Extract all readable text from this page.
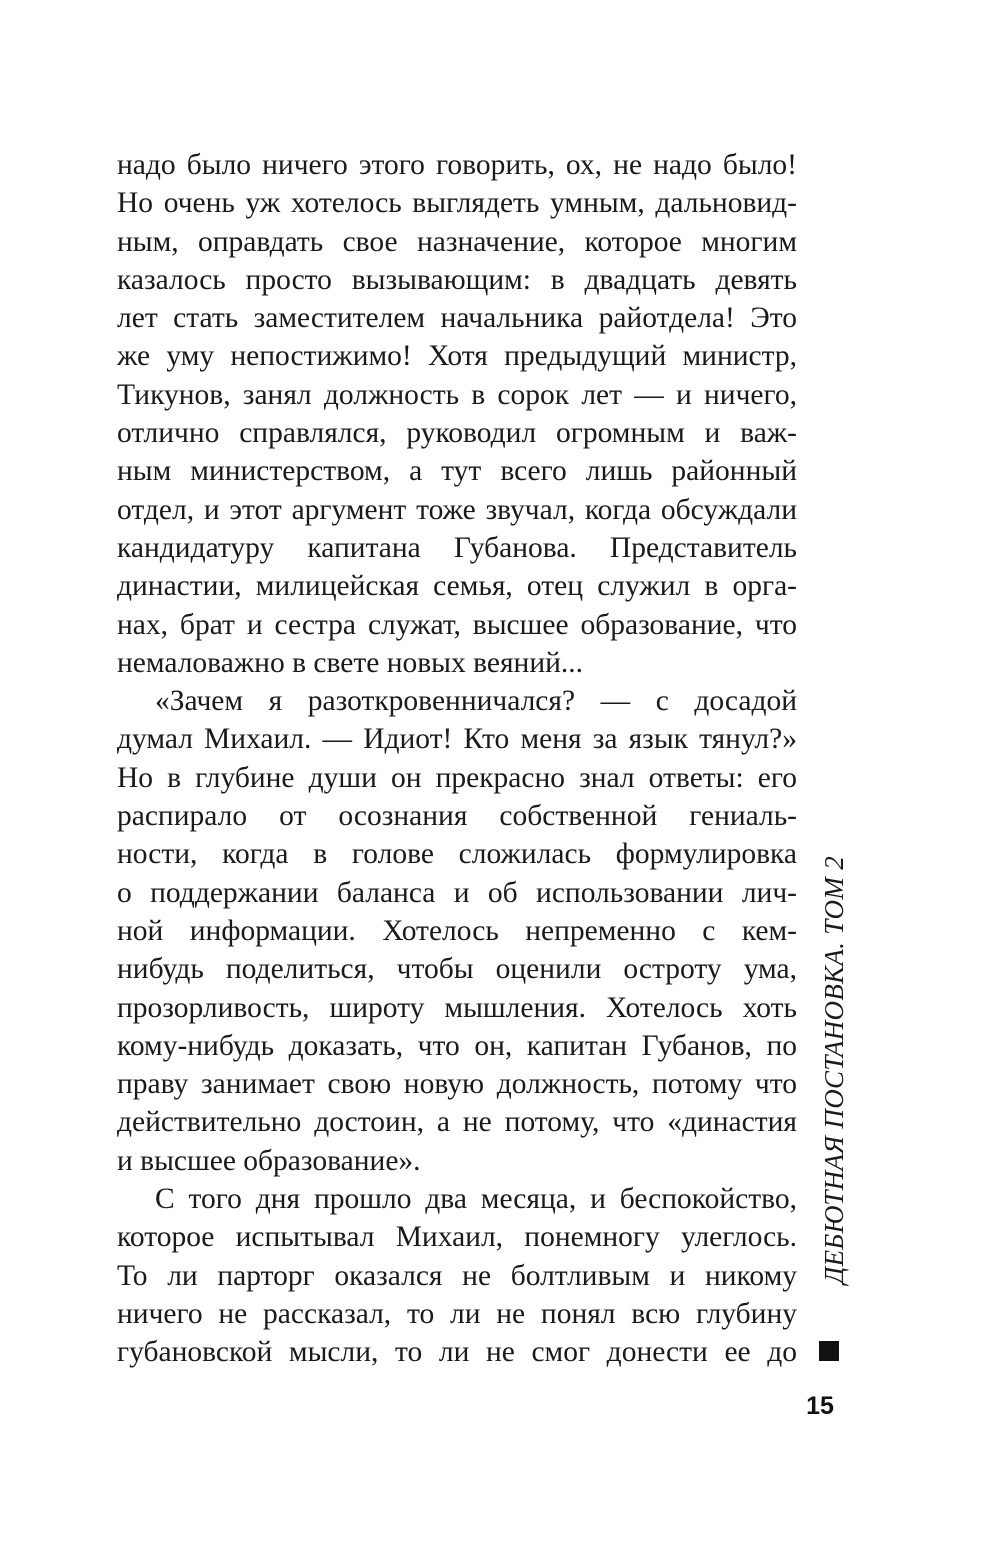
надо было ничего этого говорить, ох, не надо было!
Но очень уж хотелось выглядеть умным, дальновид-
ным, оправдать свое назначение, которое многим
казалось просто вызывающим: в двадцать девять
лет стать заместителем начальника райотдела! Это
же уму непостижимо! Хотя предыдущий министр,
Тикунов, занял должность в сорок лет — и ничего,
отлично справлялся, руководил огромным и важ-
ным министерством, а тут всего лишь районный
отдел, и этот аргумент тоже звучал, когда обсуждали
кандидатуру капитана Губанова. Представитель
династии, милицейская семья, отец служил в орга-
нах, брат и сестра служат, высшее образование, что
немаловажно в свете новых веяний...
«Зачем я разоткровенничался? — с досадой
думал Михаил. — Идиот! Кто меня за язык тянул?»
Но в глубине души он прекрасно знал ответы: его
распирало от осознания собственной гениаль-
ности, когда в голове сложилась формулировка
о поддержании баланса и об использовании лич-
ной информации. Хотелось непременно с кем-
нибудь поделиться, чтобы оценили остроту ума,
прозорливость, широту мышления. Хотелось хоть
кому-нибудь доказать, что он, капитан Губанов, по
праву занимает свою новую должность, потому что
действительно достоин, а не потому, что «династия
и высшее образование».
С того дня прошло два месяца, и беспокойство,
которое испытывал Михаил, понемногу улеглось.
То ли парторг оказался не болтливым и никому
ничего не рассказал, то ли не понял всю глубину
губановской мысли, то ли не смог донести ее до
ДЕБЮТНАЯ ПОСТАНОВКА. ТОМ 2
15
